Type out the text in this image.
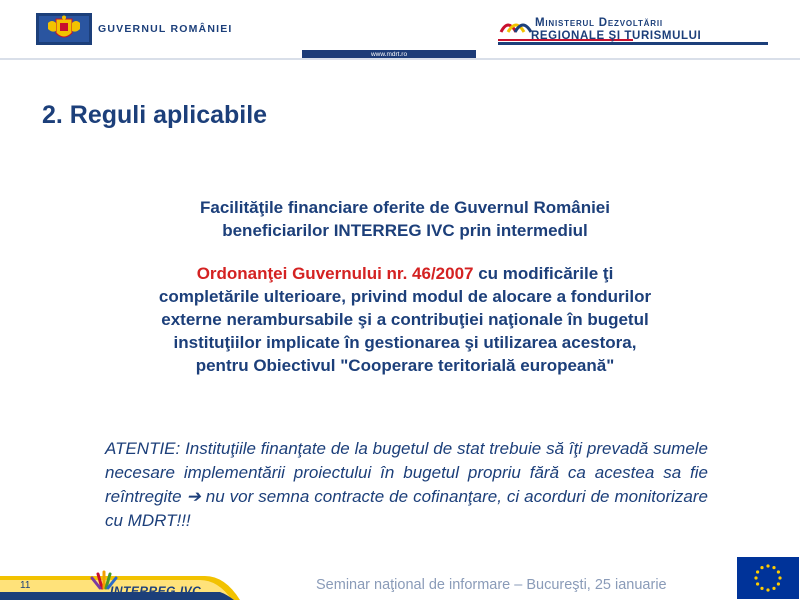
GUVERNUL ROMÂNIEI	Ministerul Dezvoltării
REGIONALE ŞI TURISMULUI
www.mdrt.ro
2. Reguli aplicabile

Facilităţile financiare oferite de Guvernul României

beneficiarilor INTERREG IVC prin intermediul

Ordonanţei Guvernului nr. 46/2007 cu modificările ţi

completările ulterioare, privind modul de alocare a fondurilor

externe nerambursabile şi a contribuţiei naţionale în bugetul

instituţiilor implicate în gestionarea şi utilizarea acestora,

pentru Obiectivul "Cooperare teritorială europeană"

ATENTIE: Instituţiile finanţate de la bugetul de stat trebuie să îţi prevadă sumele necesare implementării proiectului în bugetul propriu fără ca acestea sa fie reîntregite ➔ nu vor semna contracte de cofinanţare, ci acorduri de monitorizare cu MDRT!!!
11	INTERREG IVC	Seminar naţional de informare – Bucureşti, 25 ianuarie
